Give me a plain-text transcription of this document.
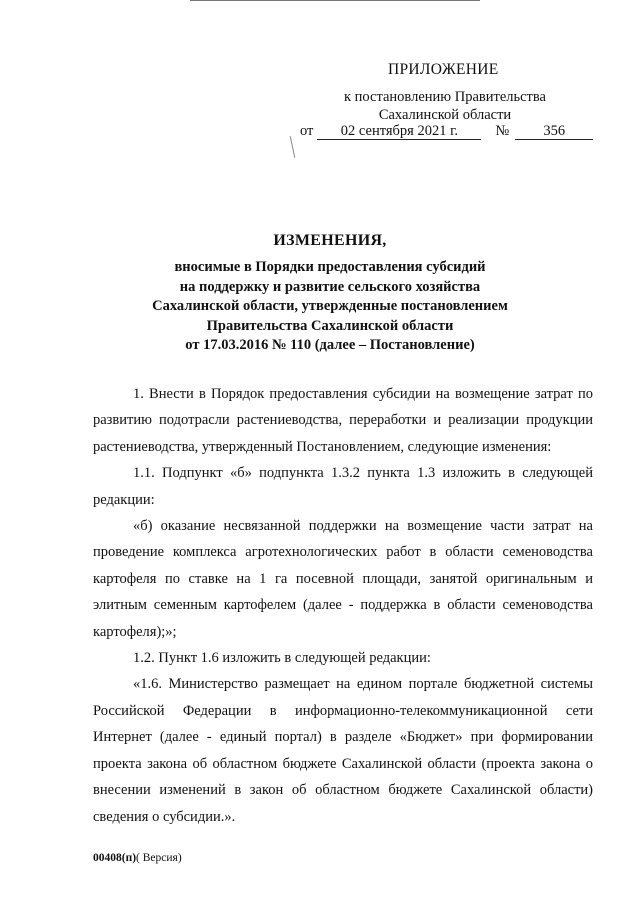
ПРИЛОЖЕНИЕ
к постановлению Правительства
Сахалинской области
от 02 сентября 2021 г.	№ 356
ИЗМЕНЕНИЯ,
вносимые в Порядки предоставления субсидий
на поддержку и развитие сельского хозяйства
Сахалинской области, утвержденные постановлением
Правительства Сахалинской области
от 17.03.2016 № 110 (далее – Постановление)

1. Внести в Порядок предоставления субсидии на возмещение затрат по развитию подотрасли растениеводства, переработки и реализации продукции растениеводства, утвержденный Постановлением, следующие изменения:

1.1. Подпункт «б» подпункта 1.3.2 пункта 1.3 изложить в следующей редакции:

«б) оказание несвязанной поддержки на возмещение части затрат на проведение комплекса агротехнологических работ в области семеноводства картофеля по ставке на 1 га посевной площади, занятой оригинальным и элитным семенным картофелем (далее - поддержка в области семеноводства картофеля);»;

1.2. Пункт 1.6 изложить в следующей редакции:

«1.6. Министерство размещает на едином портале бюджетной системы Российской Федерации в информационно-телекоммуникационной сети Интернет (далее - единый портал) в разделе «Бюджет» при формировании проекта закона об областном бюджете Сахалинской области (проекта закона о внесении изменений в закон об областном бюджете Сахалинской области) сведения о субсидии.».

00408(п)( Версия)
